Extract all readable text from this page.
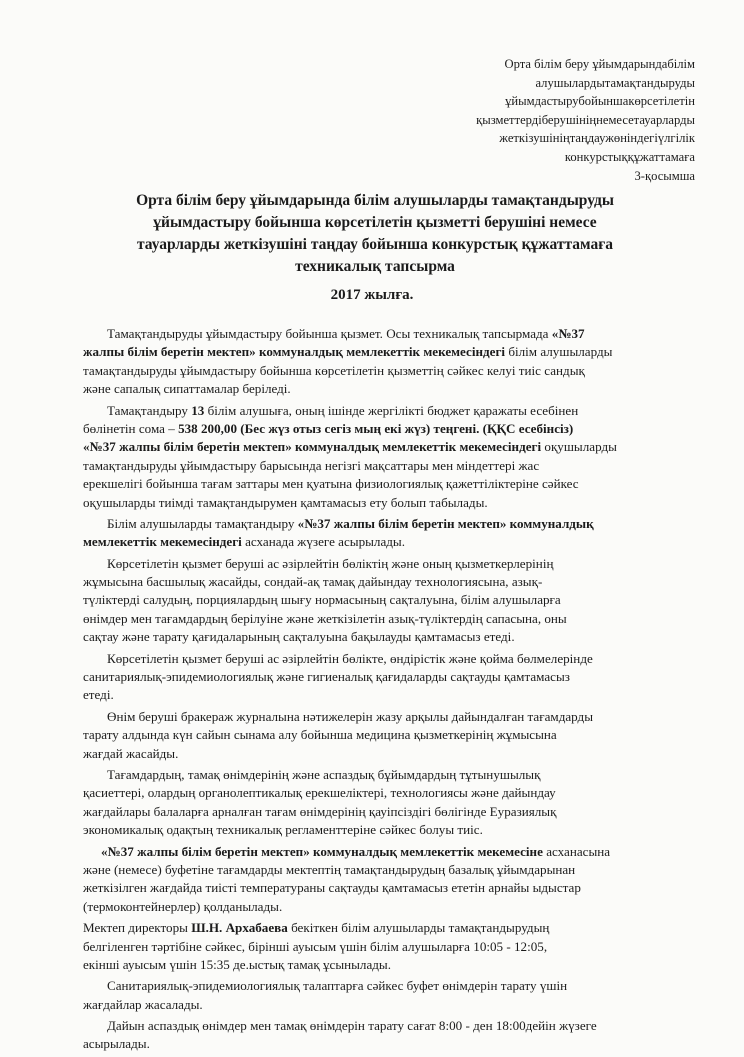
Орта білім беру ұйымдарындабілім
алушылардытамақтандыруды
ұйымдастырубойыншакөрсетілетін
қызметтердіберушініңнемесетауарларды
жеткізушініңтаңдаужөніндегіүлгілік
конкурстыққұжаттамаға
3-қосымша
Орта білім беру ұйымдарында білім алушыларды тамақтандыруды
ұйымдастыру бойынша көрсетілетін қызметті берушіні немесе
тауарларды жеткізушіні таңдау бойынша конкурстық құжаттамаға
техникалық тапсырма
2017 жылға.
Тамақтандыруды ұйымдастыру бойынша қызмет. Осы техникалық тапсырмада «№37
жалпы білім беретін мектеп» коммуналдық мемлекеттік мекемесіндегі білім алушыларды
тамақтандыруды ұйымдастыру бойынша көрсетілетін қызметтің сәйкес келуі тиіс сандық
және сапалық сипаттамалар беріледі.
Тамақтандыру 13 білім алушыға, оның ішінде жергілікті бюджет қаражаты есебінен
бөлінетін сома – 538 200,00 (Бес жүз отыз сегіз мың екі жүз) теңгені. (ҚҚС есебінсіз)
«№37 жалпы білім беретін мектеп» коммуналдық мемлекеттік мекемесіндегі оқушыларды
тамақтандыруды ұйымдастыру барысында негізгі мақсаттары мен міндеттері жас
ерекшелігі бойынша тағам заттары мен қуатына физиологиялық қажеттіліктеріне сәйкес
оқушыларды тиімді тамақтандырумен қамтамасыз ету болып табылады.
Білім алушыларды тамақтандыру «№37 жалпы білім беретін мектеп» коммуналдық
мемлекеттік мекемесіндегі асханада жүзеге асырылады.
Көрсетілетін қызмет беруші ас әзірлейтін бөліктің және оның қызметкерлерінің
жұмысына басшылық жасайды, сондай-ақ тамақ дайындау технологиясына, азық-
түліктерді салудың, порциялардың шығу нормасының сақталуына, білім алушыларға
өнімдер мен тағамдардың берілуіне және жеткізілетін азық-түліктердің сапасына, оны
сақтау және тарату қағидаларының сақталуына бақылауды қамтамасыз етеді.
Көрсетілетін қызмет беруші ас әзірлейтін бөлікте, өндірістік және қойма бөлмелерінде
санитариялық-эпидемиологиялық және гигиеналық қағидаларды сақтауды қамтамасыз
етеді.
Өнім беруші бракераж журналына нәтижелерін жазу арқылы дайындалған тағамдарды
тарату алдында күн сайын сынама алу бойынша медицина қызметкерінің жұмысына
жағдай жасайды.
Тағамдардың, тамақ өнімдерінің және аспаздық бұйымдардың тұтынушылық
қасиеттері, олардың органолептикалық ерекшеліктері, технологиясы және дайындау
жағдайлары балаларға арналған тағам өнімдерінің қауіпсіздігі бөлігінде Еуразиялық
экономикалық одақтың техникалық регламенттеріне сәйкес болуы тиіс.
«№37 жалпы білім беретін мектеп» коммуналдық мемлекеттік мекемесіне асханасына
және (немесе) буфетіне тағамдарды мектептің тамақтандырудың базалық ұйымдарынан
жеткізілген жағдайда тиісті температураны сақтауды қамтамасыз ететін арнайы ыдыстар
(термоконтейнерлер) қолданылады.
Мектеп директоры Ш.Н. Архабаева бекіткен білім алушыларды тамақтандырудың
белгіленген тәртібіне сәйкес, бірінші ауысым үшін білім алушыларға 10:05 - 12:05,
екінші ауысым үшін 15:35 де.ыстық тамақ ұсынылады.
Санитариялық-эпидемиологиялық талаптарға сәйкес буфет өнімдерін тарату үшін
жағдайлар жасалады.
Дайын аспаздық өнімдер мен тамақ өнімдерін тарату сағат 8:00 - ден 18:00дейін жүзеге
асырылады.
